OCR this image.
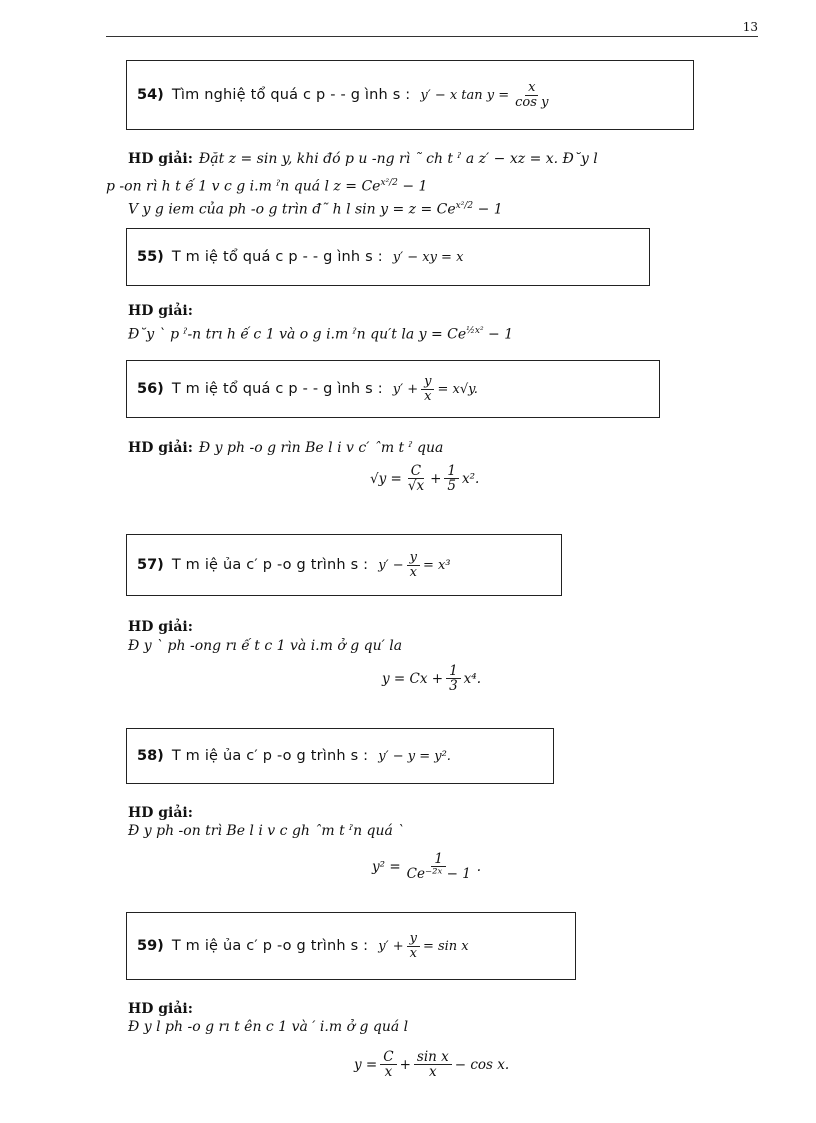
13
54) Tìm nghiệ tổ quá c p - - g ình s : y′ − x $\tan y = \frac{x}{\text{cos y}}$
HD giải: Đặt z = sin y, khi đó p u -ng rì ˜ ch t ˀ a z′ − xz = x. Đ˘y l
p -on rì h t ế 1 v c g i.m ˀn quá l $z = Ce^{x^2/2} - 1$
V y g iem của ph -o g trìn đ˜ h l $\sin y = z = Ce^{x^2/2} - 1$
55) T m iệ tổ quá c p - - g ình s : y′ − xy = x
HD giải:
Đ˘y ˋ p ˀ-n trı h ế c 1 và o g i.m ˀn qu′t la $y = Ce^{\frac{1}{2}x^2} - 1$
56) T m iệ tổ quá c p - - g ình s : $y' + \frac{y}{x} = x√y$.
HD giải: Đ y ph -o g rìn Be l i v c′ ˆm t ˀ qua
$√y = \frac{C}{√x} + \frac{1}{5} x^2$.
57) T m iệ ủa c′ p -o g trình s : $y' - \frac{y}{x} = x^3$
HD giải:
Đ y ˋ ph -ong rı ế t c 1 và i.m ở g qu′ la
$y = Cx + \frac{1}{3} x^4$.
58) T m iệ ủa c′ p -o g trình s : y′ − y = y².
HD giải:
Đ y ph -on trì Be l i v c gh ˆm t ˀn quá ˋ
$y^2 = \frac{1}{\text{Ce⁻²ˣ − 1}}$ .
59) T m iệ ủa c′ p -o g trình s : $y' + \frac{y}{x} = \sin x$
HD giải:
Đ y l ph -o g rı t ên c 1 và ′ i.m ở g quá l
$y = \frac{C}{x} + \frac{\text{sin x}}{x} - \cos x$.
